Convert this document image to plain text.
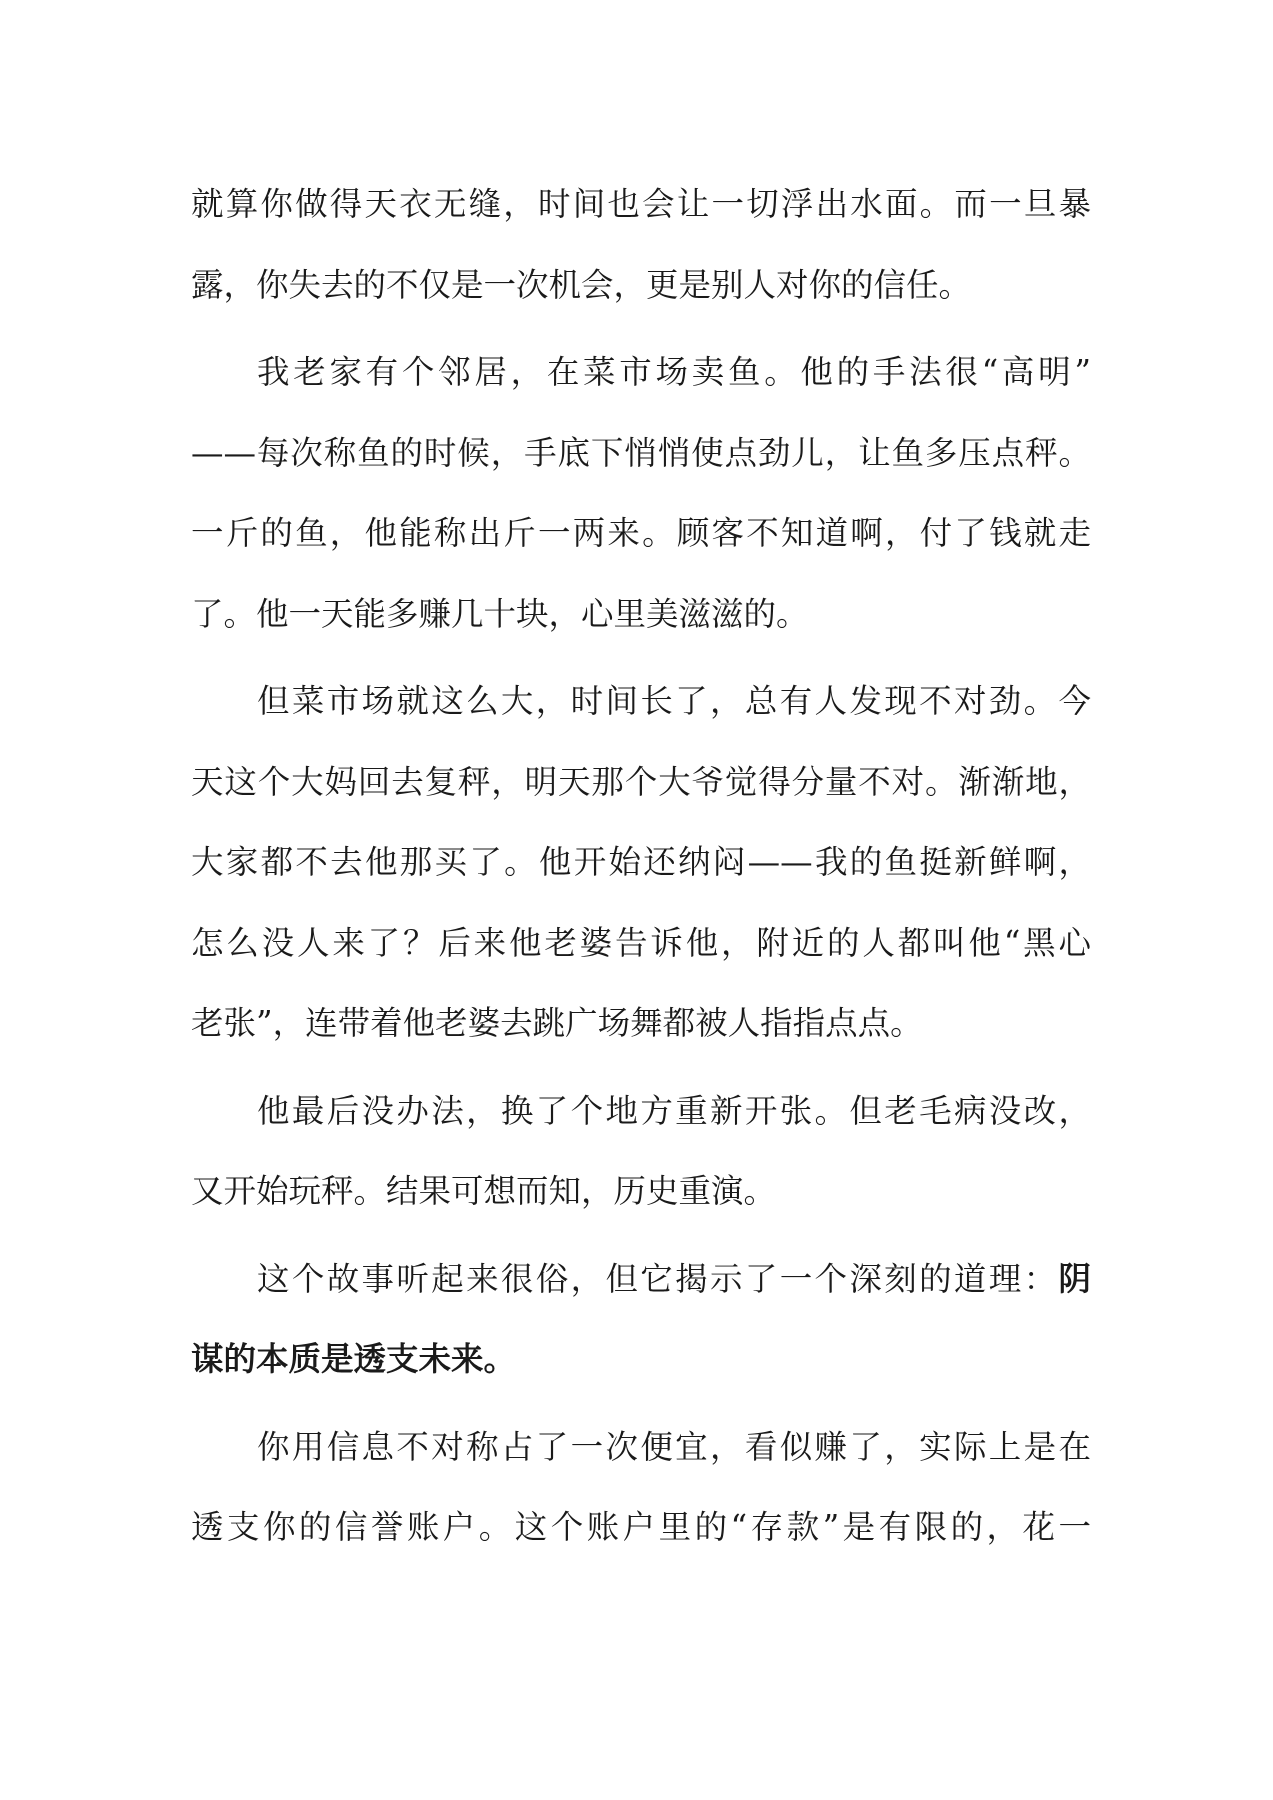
就算你做得天衣无缝，时间也会让一切浮出水面。而一旦暴
露，你失去的不仅是一次机会，更是别人对你的信任。
我老家有个邻居，在菜市场卖鱼。他的手法很“高明”
——每次称鱼的时候，手底下悄悄使点劲儿，让鱼多压点秤。
一斤的鱼，他能称出斤一两来。顾客不知道啊，付了钱就走
了。他一天能多赚几十块，心里美滋滋的。
但菜市场就这么大，时间长了，总有人发现不对劲。今
天这个大妈回去复秤，明天那个大爷觉得分量不对。渐渐地，
大家都不去他那买了。他开始还纳闷——我的鱼挺新鲜啊，
怎么没人来了？后来他老婆告诉他，附近的人都叫他“黑心
老张”，连带着他老婆去跳广场舞都被人指指点点。
他最后没办法，换了个地方重新开张。但老毛病没改，
又开始玩秤。结果可想而知，历史重演。
这个故事听起来很俗，但它揭示了一个深刻的道理：阴
谋的本质是透支未来。
你用信息不对称占了一次便宜，看似赚了，实际上是在
透支你的信誉账户。这个账户里的“存款”是有限的，花一
